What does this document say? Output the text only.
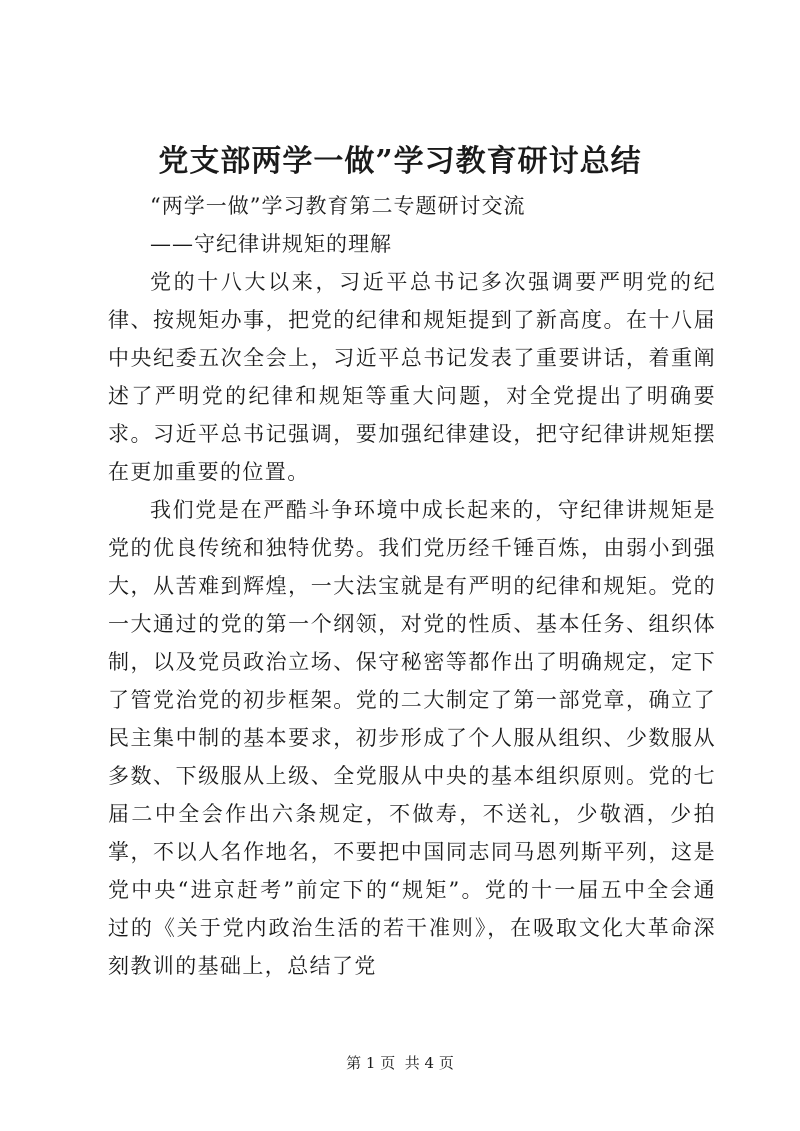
党支部两学一做”学习教育研讨总结

“两学一做”学习教育第二专题研讨交流

——守纪律讲规矩的理解

党的十八大以来，习近平总书记多次强调要严明党的纪律、按规矩办事，把党的纪律和规矩提到了新高度。在十八届中央纪委五次全会上，习近平总书记发表了重要讲话，着重阐述了严明党的纪律和规矩等重大问题，对全党提出了明确要求。习近平总书记强调，要加强纪律建设，把守纪律讲规矩摆在更加重要的位置。

我们党是在严酷斗争环境中成长起来的，守纪律讲规矩是党的优良传统和独特优势。我们党历经千锤百炼，由弱小到强大，从苦难到辉煌，一大法宝就是有严明的纪律和规矩。党的一大通过的党的第一个纲领，对党的性质、基本任务、组织体制，以及党员政治立场、保守秘密等都作出了明确规定，定下了管党治党的初步框架。党的二大制定了第一部党章，确立了民主集中制的基本要求，初步形成了个人服从组织、少数服从多数、下级服从上级、全党服从中央的基本组织原则。党的七届二中全会作出六条规定，不做寿，不送礼，少敬酒，少拍掌，不以人名作地名，不要把中国同志同马恩列斯平列，这是党中央“进京赶考”前定下的“规矩”。党的十一届五中全会通过的《关于党内政治生活的若干准则》，在吸取文化大革命深刻教训的基础上，总结了党

第 1 页  共 4 页
